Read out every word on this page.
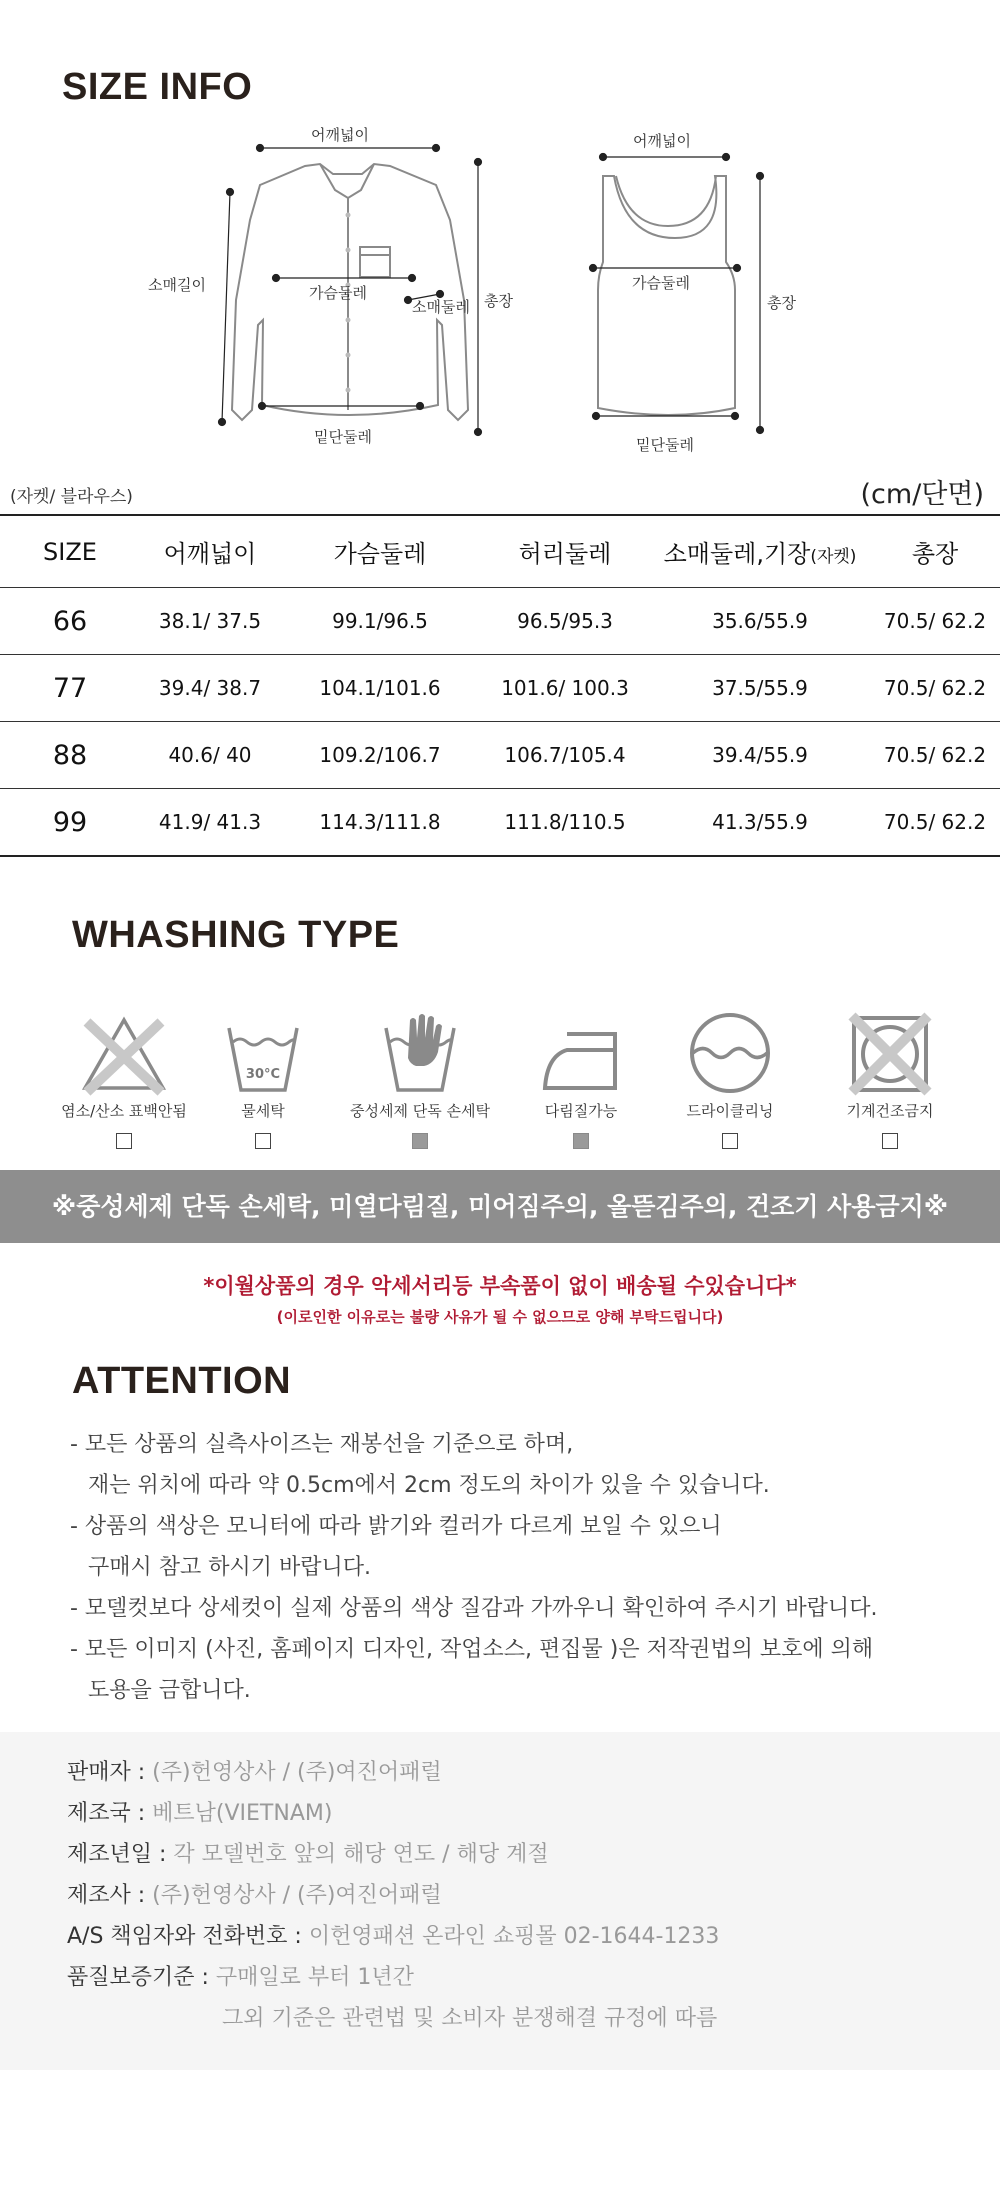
SIZE INFO
어깨넓이
소매길이	가슴둘레
소매둘레 총장
밑단둘레
어깨넓이
가슴둘레
총장
밑단둘레
(자켓/ 블라우스)	(cm/단면)
SIZE	어깨넓이	가슴둘레	허리둘레	소매둘레,기장(자켓)	총장
66	38.1/ 37.5	99.1/96.5	96.5/95.3	35.6/55.9	70.5/ 62.2
77	39.4/ 38.7	104.1/101.6	101.6/ 100.3	37.5/55.9	70.5/ 62.2
88	40.6/ 40	109.2/106.7	106.7/105.4	39.4/55.9	70.5/ 62.2
99	41.9/ 41.3	114.3/111.8	111.8/110.5	41.3/55.9	70.5/ 62.2
WHASHING TYPE
염소/산소 표백안됨
30°C
물세탁	중성세제 단독 손세탁	다림질가능	드라이클리닝	기계건조금지
※중성세제 단독 손세탁, 미열다림질, 미어짐주의, 올뜯김주의, 건조기 사용금지※
*이월상품의 경우 악세서리등 부속품이 없이 배송될 수있습니다*
(이로인한 이유로는 불량 사유가 될 수 없으므로 양해 부탁드립니다)
ATTENTION

- 모든 상품의 실측사이즈는 재봉선을 기준으로 하며,

재는 위치에 따라 약 0.5cm에서 2cm 정도의 차이가 있을 수 있습니다.

- 상품의 색상은 모니터에 따라 밝기와 컬러가 다르게 보일 수 있으니

구매시 참고 하시기 바랍니다.

- 모델컷보다 상세컷이 실제 상품의 색상 질감과 가까우니 확인하여 주시기 바랍니다.

- 모든 이미지 (사진, 홈페이지 디자인, 작업소스, 편집물 )은 저작권법의 보호에 의해

도용을 금합니다.

판매자 : (주)헌영상사 / (주)여진어패럴
제조국 : 베트남(VIETNAM)
제조년일 : 각 모델번호 앞의 해당 연도 / 해당 계절
제조사 : (주)헌영상사 / (주)여진어패럴
A/S 책임자와 전화번호 : 이헌영패션 온라인 쇼핑몰 02-1644-1233
품질보증기준 : 구매일로 부터 1년간
그외 기준은 관련법 및 소비자 분쟁해결 규정에 따름
